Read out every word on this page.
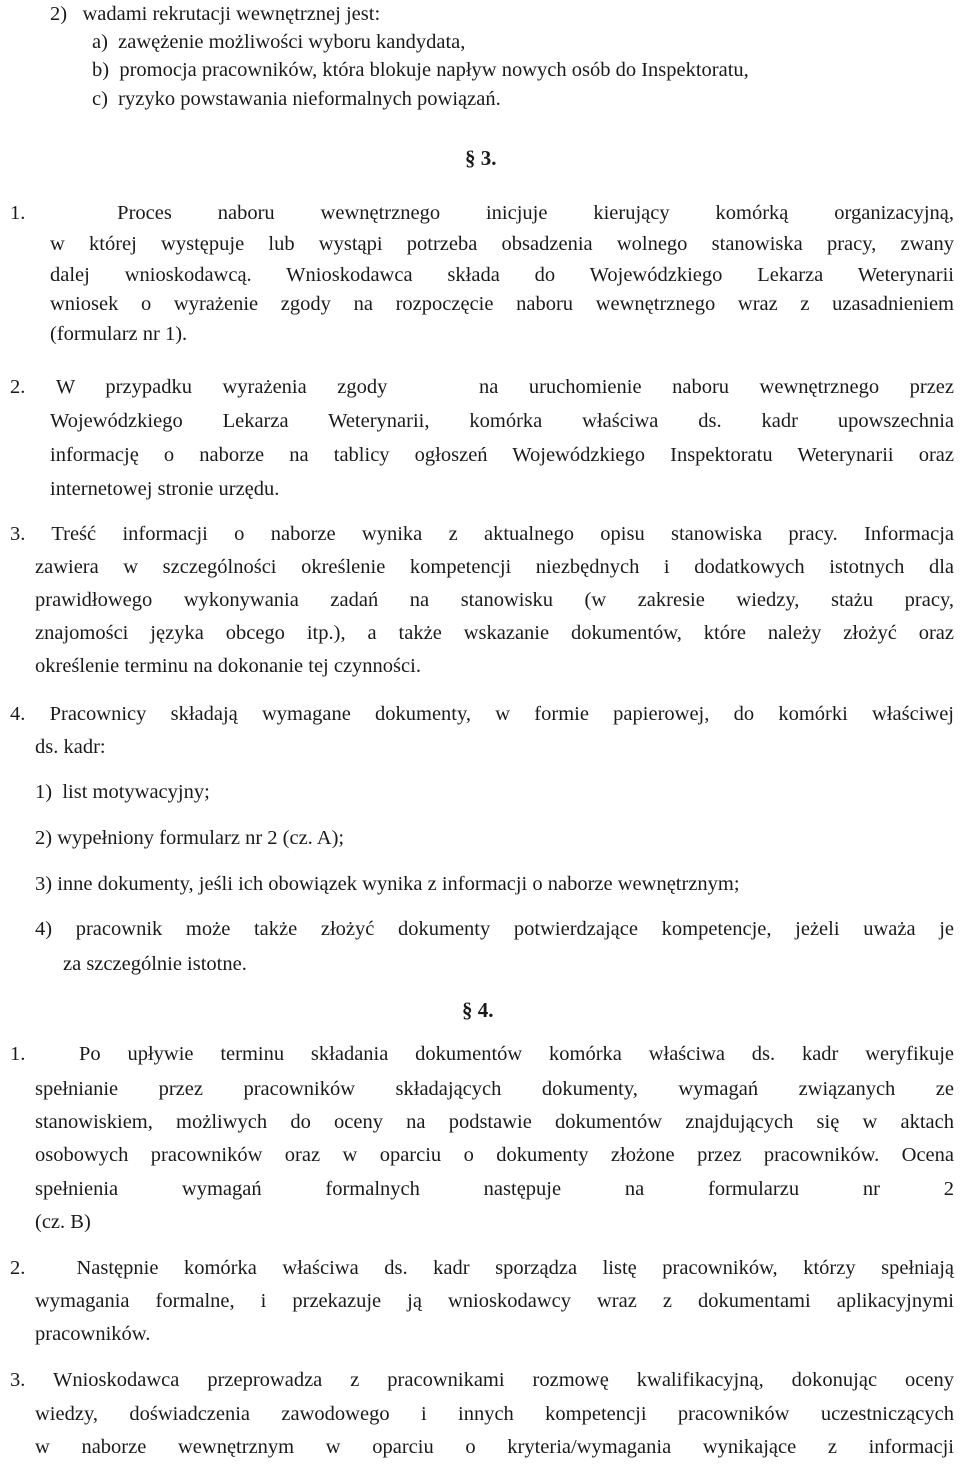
2)   wadami rekrutacji wewnętrznej jest:
a)  zawężenie możliwości wyboru kandydata,
b)  promocja pracowników, która blokuje napływ nowych osób do Inspektoratu,
c)  ryzyko powstawania nieformalnych powiązań.
§ 3.
1.  Proces naboru wewnętrznego inicjuje kierujący komórką organizacyjną,
w której występuje lub wystąpi potrzeba obsadzenia wolnego stanowiska pracy, zwany
dalej wnioskodawcą. Wnioskodawca składa do Wojewódzkiego Lekarza Weterynarii
wniosek o wyrażenie zgody na rozpoczęcie naboru wewnętrznego wraz z uzasadnieniem
(formularz nr 1).
2. W przypadku wyrażenia zgody   na uruchomienie naboru wewnętrznego przez
Wojewódzkiego Lekarza Weterynarii, komórka właściwa ds. kadr upowszechnia
informację o naborze na tablicy ogłoszeń Wojewódzkiego Inspektoratu Weterynarii oraz
internetowej stronie urzędu.
3. Treść informacji o naborze wynika z aktualnego opisu stanowiska pracy. Informacja
zawiera w szczególności określenie kompetencji niezbędnych i dodatkowych istotnych dla
prawidłowego wykonywania zadań na stanowisku (w zakresie wiedzy, stażu pracy,
znajomości języka obcego itp.), a także wskazanie dokumentów, które należy złożyć oraz
określenie terminu na dokonanie tej czynności.
4. Pracownicy składają wymagane dokumenty, w formie papierowej, do komórki właściwej
ds. kadr:
1)  list motywacyjny;
2) wypełniony formularz nr 2 (cz. A);
3) inne dokumenty, jeśli ich obowiązek wynika z informacji o naborze wewnętrznym;
4) pracownik może także złożyć dokumenty potwierdzające kompetencje, jeżeli uważa je
za szczególnie istotne.
§ 4.
1.  Po upływie terminu składania dokumentów komórka właściwa ds. kadr weryfikuje
spełnianie przez pracowników składających dokumenty, wymagań związanych ze
stanowiskiem, możliwych do oceny na podstawie dokumentów znajdujących się w aktach
osobowych pracowników oraz w oparciu o dokumenty złożone przez pracowników. Ocena
spełnienia wymagań formalnych następuje na formularzu nr 2
(cz. B)
2.  Następnie komórka właściwa ds. kadr sporządza listę pracowników, którzy spełniają
wymagania formalne, i przekazuje ją wnioskodawcy wraz z dokumentami aplikacyjnymi
pracowników.
3. Wnioskodawca przeprowadza z pracownikami rozmowę kwalifikacyjną, dokonując oceny
wiedzy, doświadczenia zawodowego i innych kompetencji pracowników uczestniczących
w naborze wewnętrznym w oparciu o kryteria/wymagania wynikające z informacji
